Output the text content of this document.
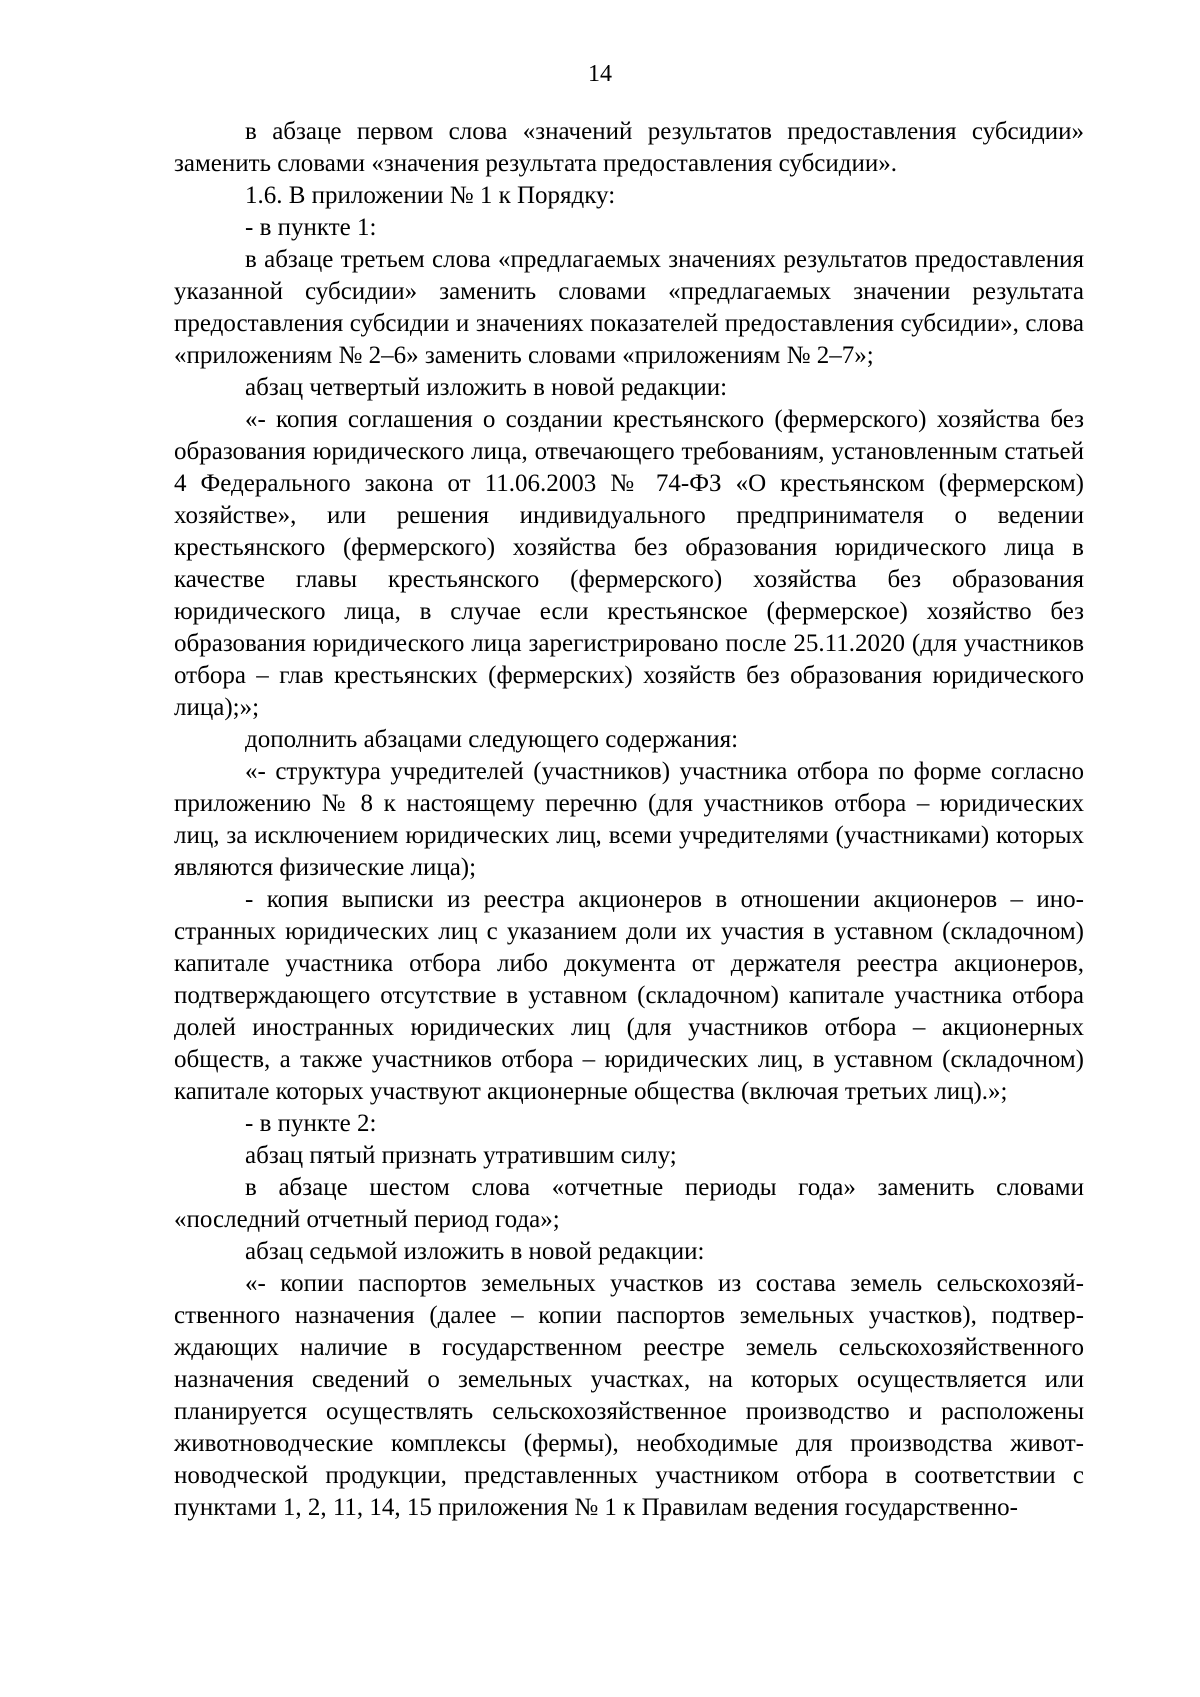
14

в абзаце первом слова «значений результатов предоставления субсидии» заменить словами «значения результата предоставления субсидии».

1.6. В приложении № 1 к Порядку:

- в пункте 1:

в абзаце третьем слова «предлагаемых значениях результатов предоставления указанной субсидии» заменить словами «предлагаемых значении результата предоставления субсидии и значениях показателей предоставления субсидии», слова «приложениям № 2–6» заменить словами «приложениям № 2–7»;

абзац четвертый изложить в новой редакции:

«- копия соглашения о создании крестьянского (фермерского) хозяйства без образования юридического лица, отвечающего требованиям, установленным статьей 4 Федерального закона от 11.06.2003 № 74-ФЗ «О крестьянском (фермерском) хозяйстве», или решения индивидуального предпринимателя о ведении крестьянского (фермерского) хозяйства без образования юридического лица в качестве главы крестьянского (фермерского) хозяйства без образования юридического лица, в случае если крестьянское (фермерское) хозяйство без образования юридического лица зарегистрировано после 25.11.2020 (для участников отбора – глав крестьянских (фермерских) хозяйств без образования юридического лица);»;

дополнить абзацами следующего содержания:

«- структура учредителей (участников) участника отбора по форме согласно приложению № 8 к настоящему перечню (для участников отбора – юридических лиц, за исключением юридических лиц, всеми учредителями (участниками) которых являются физические лица);

- копия выписки из реестра акционеров в отношении акционеров – иностранных юридических лиц с указанием доли их участия в уставном (складочном) капитале участника отбора либо документа от держателя реестра акционеров, подтверждающего отсутствие в уставном (складочном) капитале участника отбора долей иностранных юридических лиц (для участников отбора – акционерных обществ, а также участников отбора – юридических лиц, в уставном (складочном) капитале которых участвуют акционерные общества (включая третьих лиц).»;

- в пункте 2:

абзац пятый признать утратившим силу;

в абзаце шестом слова «отчетные периоды года» заменить словами «последний отчетный период года»;

абзац седьмой изложить в новой редакции:

«- копии паспортов земельных участков из состава земель сельскохозяйственного назначения (далее – копии паспортов земельных участков), подтверждающих наличие в государственном реестре земель сельскохозяйственного назначения сведений о земельных участках, на которых осуществляется или планируется осуществлять сельскохозяйственное производство и расположены животноводческие комплексы (фермы), необходимые для производства животноводческой продукции, представленных участником отбора в соответствии с пунктами 1, 2, 11, 14, 15 приложения № 1 к Правилам ведения государственно-
